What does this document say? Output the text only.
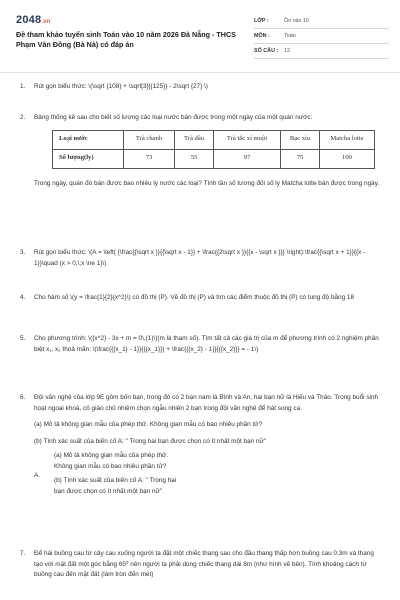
2048.vn
Đề tham khảo tuyển sinh Toán vào 10 năm 2026 Đà Nẵng - THCS Phạm Văn Đồng (Bà Nà) có đáp án
LỚP :	Ôn vào 10
MÔN :	Toán
SỐ CÂU :	12
1.	Rút gọn biểu thức: \(\sqrt {108} + \sqrt[3]{{125}} - 2\sqrt {27} \)
2.	Bảng thống kê sau cho biết số lượng các loại nước bán được trong một ngày của một quán nước:
Loại nước	Trà chanh	Trà dâu	Trà tắc xí muội	Bạc xỉu	Matcha lotte
Số lượng(ly)	73	55	97	75	100
Trong ngày, quán đó bán được bao nhiêu ly nước các loại? Tính tần số tương đối số ly Matcha lotte bán được trong ngày.
3.	Rút gọn biểu thức: \(A = \left( {\frac{{\sqrt x }}{{\sqrt x - 1}} + \frac{{2\sqrt x }}{{x - \sqrt x }}} \right):\frac{{\sqrt x + 1}}{{x - 1}}\quad (x > 0,\;x \ne 1)\)
4.	Cho hàm số \(y = \frac{1}{2}{x^2}\) có đồ thị (P). Vẽ đồ thị (P) và tìm các điểm thuộc đồ thị (P) có tung độ bằng 18
5.	Cho phương trình: \({x^2} - 3x + m = 0\,(1)\)(m là tham số). Tìm tất cả các giá trị của m để phương trình có 2 nghiệm phân biệt x₁, x₂ thoả mãn: \(\frac{{{x_1} - 1}}{{{x_1}}} + \frac{{{x_2} - 1}}{{{x_2}}} = - 1\)
6.	Đội văn nghệ của lớp 9E gồm bốn bạn, trong đó có 2 bạn nam là Bình và An, hai bạn nữ là Hiếu và Thảo. Trong buổi sinh hoạt ngoại khoá, cô giáo chủ nhiệm chọn ngẫu nhiên 2 bạn trong đội văn nghệ để hát song ca.
(a) Mô tả không gian mẫu của phép thử. Không gian mẫu có bao nhiêu phần tử?
(b) Tính xác suất của biến cố A: " Trong hai bạn được chọn có ít nhất một bạn nữ"
A.
(a) Mô tả không gian mẫu của phép thử.
Không gian mẫu có bao nhiêu phần tử?
(b) Tính xác suất của biến cố A: " Trong hai
bạn được chọn có ít nhất một bạn nữ"
7.	Để hái buồng cau từ cây cau xuống người ta đặt một chiếc thang sao cho đầu thang thấp hơn buồng cau 0,3m và thang tạo với mặt đất một góc bằng 65⁰ nên người ta phải dùng chiếc thang dài 8m (như hình vẽ bên). Tính khoảng cách từ buồng cau đến mặt đất (làm tròn đến mét)
